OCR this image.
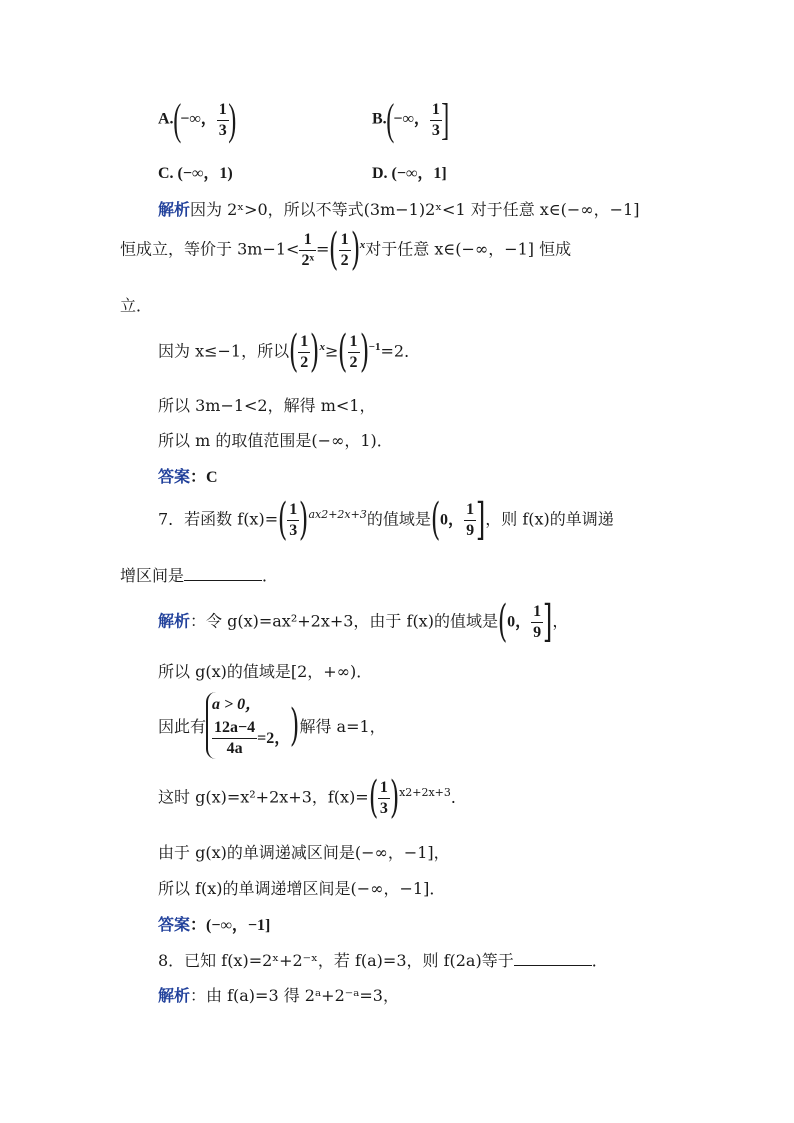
A.(−∞， $\frac{1}{3}$ )	B.(−∞， $\frac{1}{3}$ ]
C. (−∞，1)	D. (−∞，1]
解析因为 2ˣ>0，所以不等式(3m−1)2ˣ<1 对于任意 x∈(−∞，−1]
恒成立，等价于 $3m-1< \frac{1}{\text{2ˣ}}$ =( $\frac{1}{2} )^x$对于任意 x∈(−∞，−1] 恒成
立．
因为 x≤−1，所以( $\frac{1}{2} )^x\ge( \frac{1}{2} )^{-1}=2$．
所以 3m−1<2，解得 m<1，
所以 m 的取值范围是(−∞，1)．
答案：C
7．若函数 $f(x)=( \frac{1}{3} )^{ax2+2x+3}$的值域是(0， $\frac{1}{9}$ ]，则 f(x)的单调递
增区间是	．
解析：令 g(x)=ax²+2x+3，由于 f(x)的值域是(0， $\frac{1}{9}$ ]，
所以 g(x)的值域是[2，+∞)．
因此有
a > 0，
$\frac{12a-4}{4a} =2$， )解得 a=1，
这时 g(x)=x²+2x+3，$f(x)=( \frac{1}{3} )^{x2+2x+3}$．
由于 g(x)的单调递减区间是(−∞，−1]，
所以 f(x)的单调递增区间是(−∞，−1]．
答案：(−∞，−1]
8．已知 f(x)=2ˣ+2⁻ˣ，若 f(a)=3，则 f(2a)等于	．
解析：由 f(a)=3 得 2ᵃ+2⁻ᵃ=3，
